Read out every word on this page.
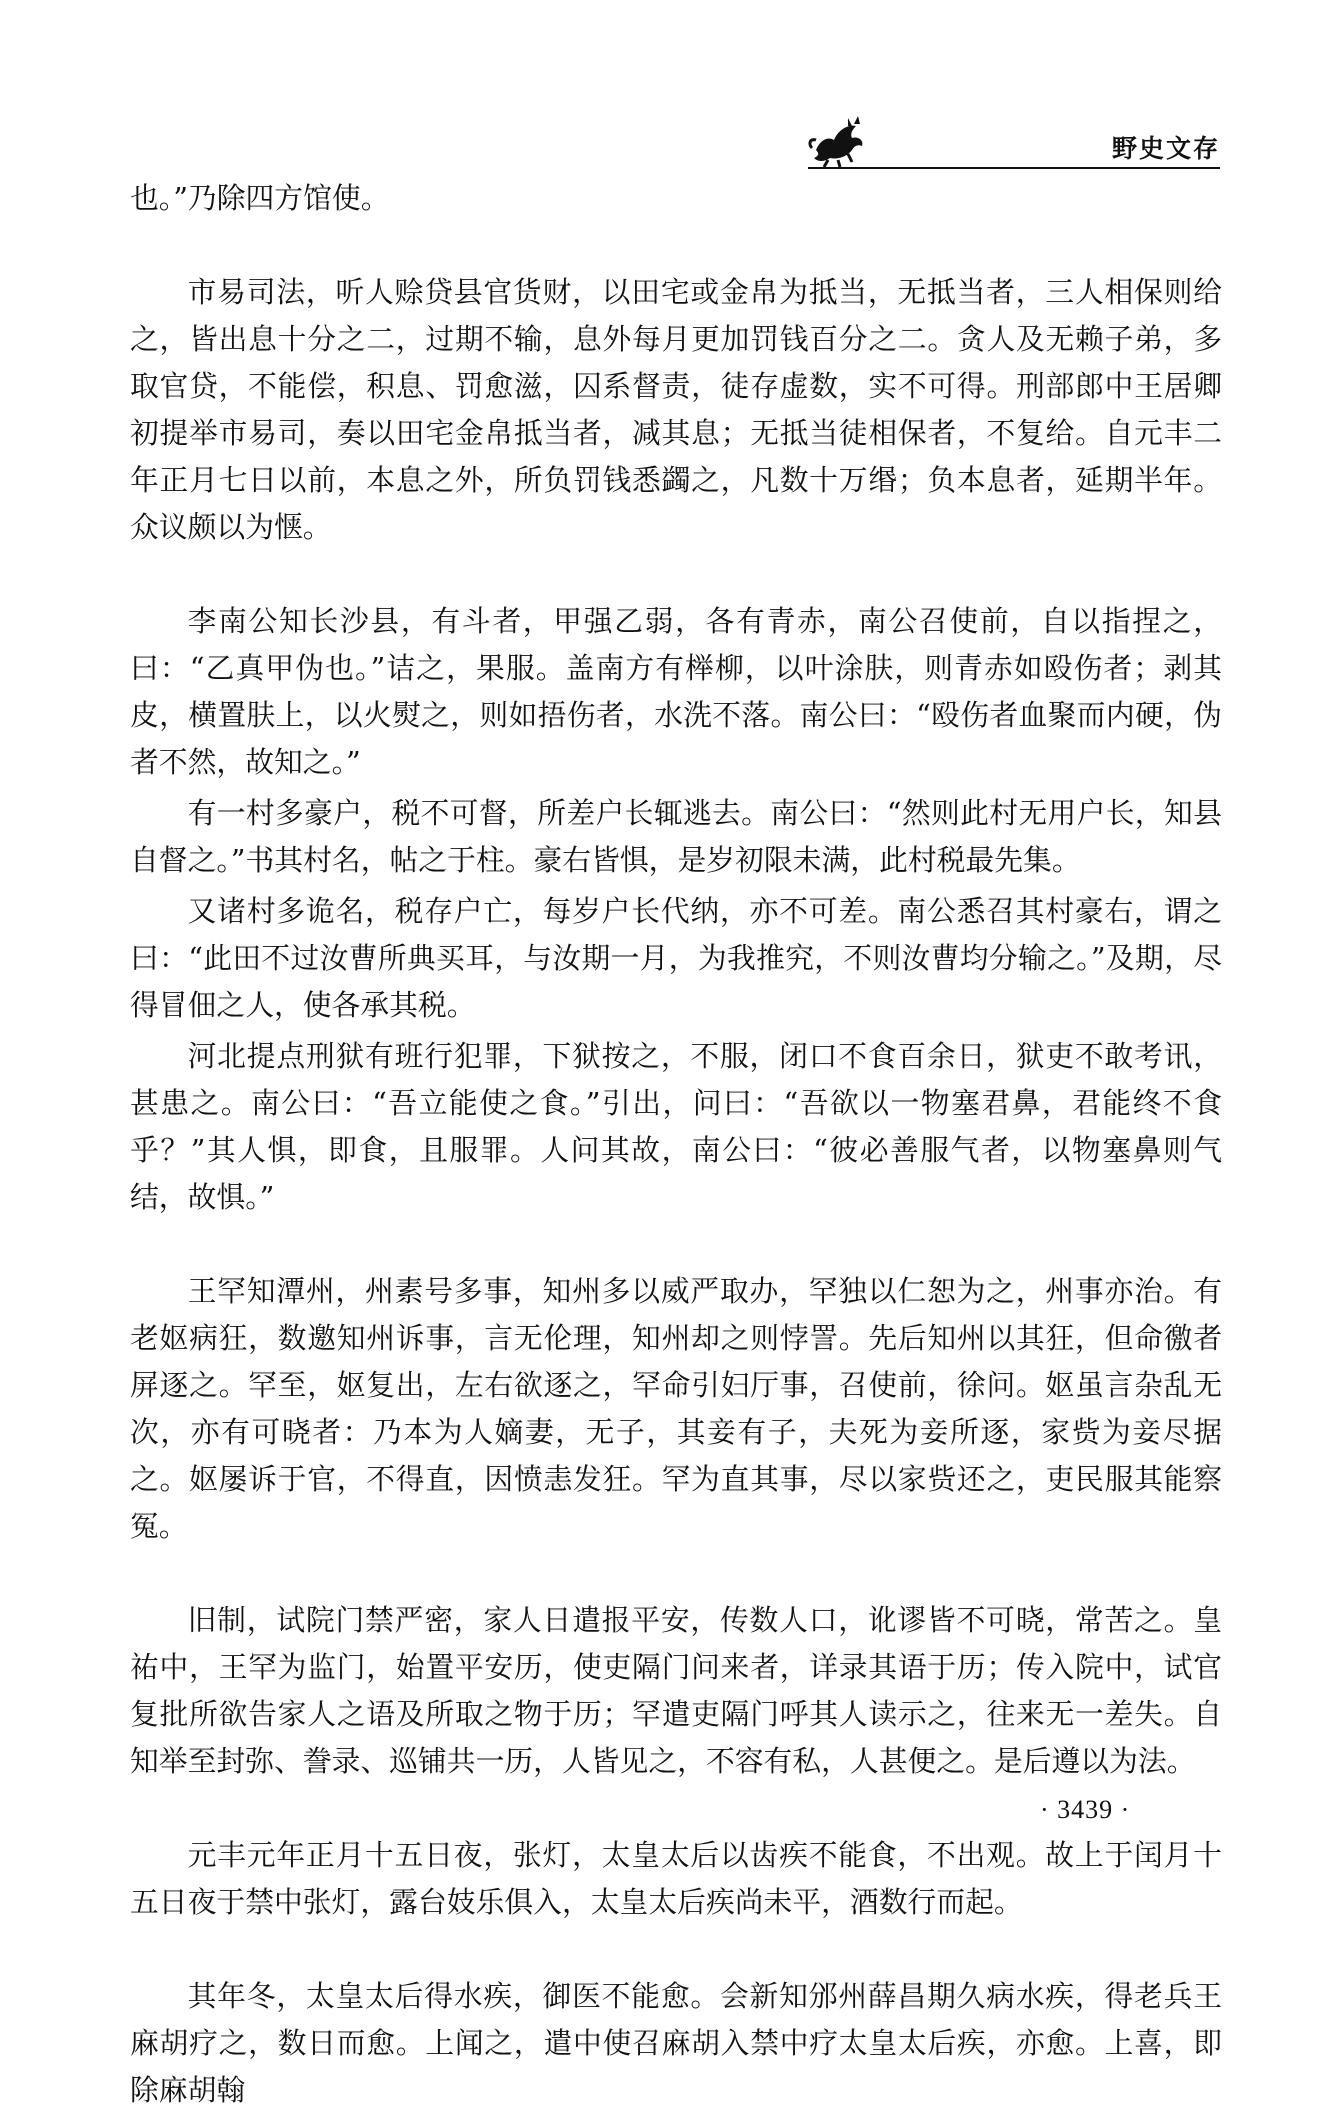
野史文存

也。”乃除四方馆使。

市易司法，听人赊贷县官货财，以田宅或金帛为抵当，无抵当者，三人相保则给之，皆出息十分之二，过期不输，息外每月更加罚钱百分之二。贪人及无赖子弟，多取官贷，不能偿，积息、罚愈滋，囚系督责，徒存虚数，实不可得。刑部郎中王居卿初提举市易司，奏以田宅金帛抵当者，减其息；无抵当徒相保者，不复给。自元丰二年正月七日以前，本息之外，所负罚钱悉蠲之，凡数十万缗；负本息者，延期半年。众议颇以为惬。

李南公知长沙县，有斗者，甲强乙弱，各有青赤，南公召使前，自以指捏之，曰：“乙真甲伪也。”诘之，果服。盖南方有榉柳，以叶涂肤，则青赤如殴伤者；剥其皮，横置肤上，以火熨之，则如捂伤者，水洗不落。南公曰：“殴伤者血聚而内硬，伪者不然，故知之。”

有一村多豪户，税不可督，所差户长辄逃去。南公曰：“然则此村无用户长，知县自督之。”书其村名，帖之于柱。豪右皆惧，是岁初限未满，此村税最先集。

又诸村多诡名，税存户亡，每岁户长代纳，亦不可差。南公悉召其村豪右，谓之曰：“此田不过汝曹所典买耳，与汝期一月，为我推究，不则汝曹均分输之。”及期，尽得冒佃之人，使各承其税。

河北提点刑狱有班行犯罪，下狱按之，不服，闭口不食百余日，狱吏不敢考讯，甚患之。南公曰：“吾立能使之食。”引出，问曰：“吾欲以一物塞君鼻，君能终不食乎？”其人惧，即食，且服罪。人问其故，南公曰：“彼必善服气者，以物塞鼻则气结，故惧。”

王罕知潭州，州素号多事，知州多以威严取办，罕独以仁恕为之，州事亦治。有老妪病狂，数邀知州诉事，言无伦理，知州却之则悖詈。先后知州以其狂，但命徼者屏逐之。罕至，妪复出，左右欲逐之，罕命引妇厅事，召使前，徐问。妪虽言杂乱无次，亦有可晓者：乃本为人嫡妻，无子，其妾有子，夫死为妾所逐，家赀为妾尽据之。妪屡诉于官，不得直，因愤恚发狂。罕为直其事，尽以家赀还之，吏民服其能察冤。

旧制，试院门禁严密，家人日遣报平安，传数人口，讹谬皆不可晓，常苦之。皇祐中，王罕为监门，始置平安历，使吏隔门问来者，详录其语于历；传入院中，试官复批所欲告家人之语及所取之物于历；罕遣吏隔门呼其人读示之，往来无一差失。自知举至封弥、誊录、巡铺共一历，人皆见之，不容有私，人甚便之。是后遵以为法。

元丰元年正月十五日夜，张灯，太皇太后以齿疾不能食，不出观。故上于闰月十五日夜于禁中张灯，露台妓乐俱入，太皇太后疾尚未平，酒数行而起。

其年冬，太皇太后得水疾，御医不能愈。会新知邠州薛昌期久病水疾，得老兵王麻胡疗之，数日而愈。上闻之，遣中使召麻胡入禁中疗太皇太后疾，亦愈。上喜，即除麻胡翰

· 3439 ·
